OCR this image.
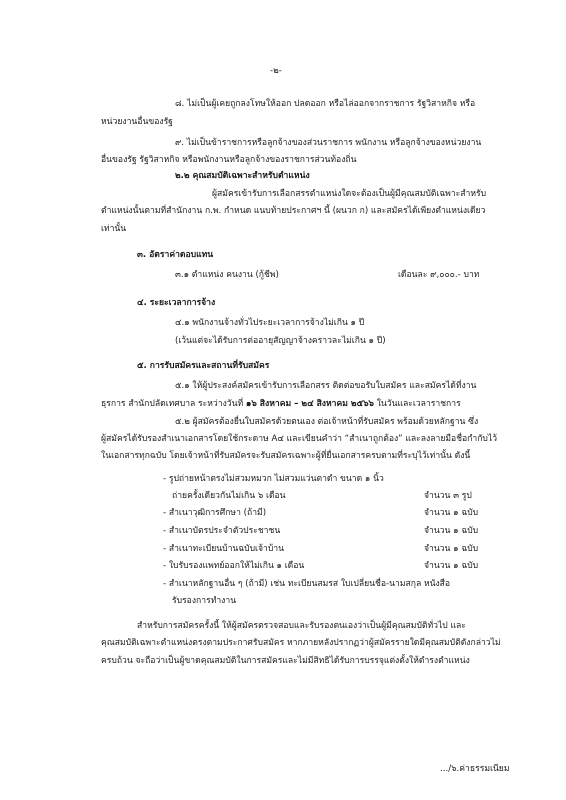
-๒-
๘. ไม่เป็นผู้เคยถูกลงโทษให้ออก ปลดออก หรือไล่ออกจากราชการ รัฐวิสาหกิจ หรือ
หน่วยงานอื่นของรัฐ
๙. ไม่เป็นข้าราชการหรือลูกจ้างของส่วนราชการ พนักงาน หรือลูกจ้างของหน่วยงาน
อื่นของรัฐ รัฐวิสาหกิจ หรือพนักงานหรือลูกจ้างของราชการส่วนท้องถิ่น
๒.๒ คุณสมบัติเฉพาะสำหรับตำแหน่ง
ผู้สมัครเข้ารับการเลือกสรรตำแหน่งใดจะต้องเป็นผู้มีคุณสมบัติเฉพาะสำหรับ
ตำแหน่งนั้นตามที่สำนักงาน ก.พ. กำหนด แนบท้ายประกาศฯ นี้ (ผนวก ก) และสมัครได้เพียงตำแหน่งเดียว
เท่านั้น
๓. อัตราค่าตอบแทน
๓.๑ ตำแหน่ง คนงาน (กู้ชีพ)	เดือนละ ๙,๐๐๐.- บาท
๔. ระยะเวลาการจ้าง
๔.๑ พนักงานจ้างทั่วไประยะเวลาการจ้างไม่เกิน ๑ ปี
(เว้นแต่จะได้รับการต่ออายุสัญญาจ้างคราวละไม่เกิน ๑ ปี)
๕. การรับสมัครและสถานที่รับสมัคร
๕.๑ ให้ผู้ประสงค์สมัครเข้ารับการเลือกสรร ติดต่อขอรับใบสมัคร และสมัครได้ที่งาน
ธุรการ สำนักปลัดเทศบาล ระหว่างวันที่ ๑๖ สิงหาคม – ๒๔ สิงหาคม ๒๕๖๖ ในวันและเวลาราชการ
๕.๒ ผู้สมัครต้องยื่นใบสมัครด้วยตนเอง ต่อเจ้าหน้าที่รับสมัคร พร้อมด้วยหลักฐาน ซึ่ง
ผู้สมัครได้รับรองสำเนาเอกสารโดยใช้กระดาษ A๔ และเขียนคำว่า “สำเนาถูกต้อง” และลงลายมือชื่อกำกับไว้
ในเอกสารทุกฉบับ โดยเจ้าหน้าที่รับสมัครจะรับสมัครเฉพาะผู้ที่ยื่นเอกสารครบตามที่ระบุไว้เท่านั้น ดังนี้
- รูปถ่ายหน้าตรงไม่สวมหมวก ไม่สวมแว่นตาดำ ขนาด ๑ นิ้ว
ถ่ายครั้งเดียวกันไม่เกิน ๖ เดือน	จำนวน ๓ รูป
- สำเนาวุฒิการศึกษา (ถ้ามี)	จำนวน ๑ ฉบับ
- สำเนาบัตรประจำตัวประชาชน	จำนวน ๑ ฉบับ
- สำเนาทะเบียนบ้านฉบับเจ้าบ้าน	จำนวน ๑ ฉบับ
- ใบรับรองแพทย์ออกให้ไม่เกิน ๑ เดือน	จำนวน ๑ ฉบับ
- สำเนาหลักฐานอื่น ๆ (ถ้ามี) เช่น ทะเบียนสมรส ใบเปลี่ยนชื่อ-นามสกุล หนังสือ
รับรองการทำงาน
สำหรับการสมัครครั้งนี้ ให้ผู้สมัครตรวจสอบและรับรองตนเองว่าเป็นผู้มีคุณสมบัติทั่วไป และ
คุณสมบัติเฉพาะตำแหน่งตรงตามประกาศรับสมัคร หากภายหลังปรากฏว่าผู้สมัครรายใดมีคุณสมบัติดังกล่าวไม่
ครบถ้วน จะถือว่าเป็นผู้ขาดคุณสมบัติในการสมัครและไม่มีสิทธิได้รับการบรรจุแต่งตั้งให้ดำรงตำแหน่ง
.../๖.ค่าธรรมเนียม
